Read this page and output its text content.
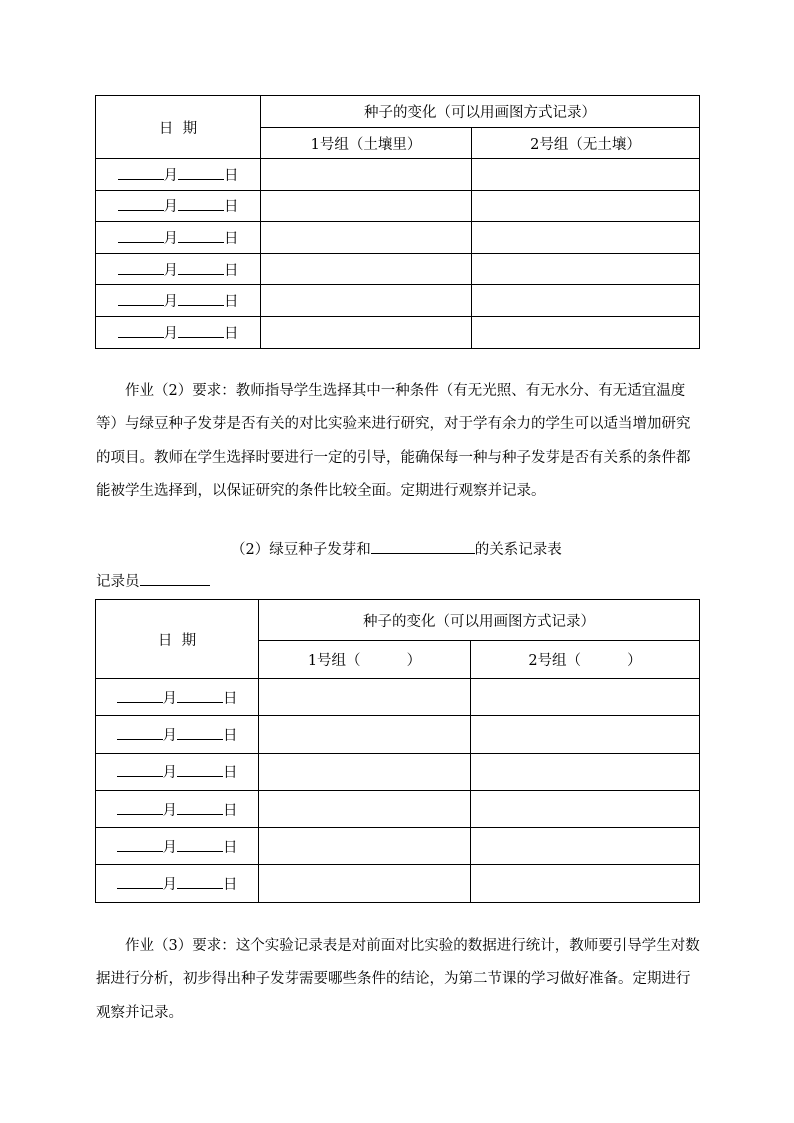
日  期	种子的变化（可以用画图方式记录）	
	1号组（土壤里）	2号组（无土壤）
月 日		
月 日		
月 日		
月 日		
月 日		
月 日		

作业（2）要求：教师指导学生选择其中一种条件（有无光照、有无水分、有无适宜温度等）与绿豆种子发芽是否有关的对比实验来进行研究，对于学有余力的学生可以适当增加研究的项目。教师在学生选择时要进行一定的引导，能确保每一种与种子发芽是否有关系的条件都能被学生选择到，以保证研究的条件比较全面。定期进行观察并记录。

（2）绿豆种子发芽和	的关系记录表

记录员

日  期	种子的变化（可以用画图方式记录）	
	1号组（          ）	2号组（          ）
月 日		
月 日		
月 日		
月 日		
月 日		
月 日		

作业（3）要求：这个实验记录表是对前面对比实验的数据进行统计，教师要引导学生对数据进行分析，初步得出种子发芽需要哪些条件的结论，为第二节课的学习做好准备。定期进行观察并记录。
